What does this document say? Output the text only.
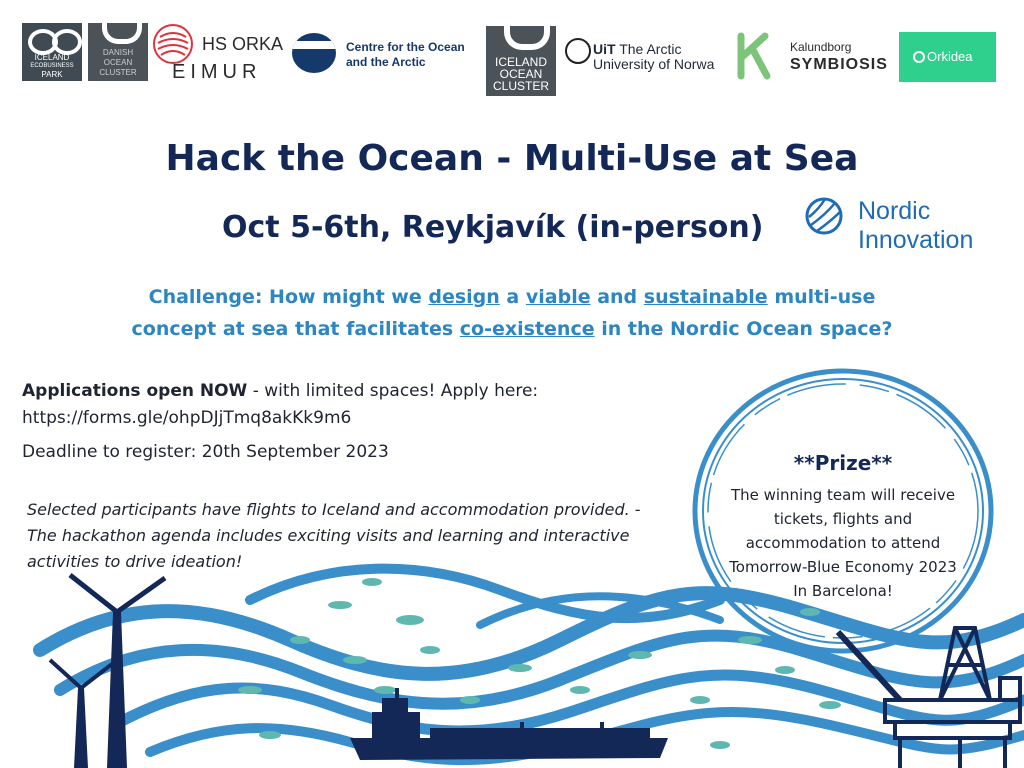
ICELAND
ECOBUSINESS
PARK
DANISH
OCEAN
CLUSTER
HS ORKA
EIMUR
Centre for the Ocean
and the Arctic	ICELAND
OCEAN
CLUSTER
UiT The Arctic
University of Norwa
Kalundborg
SYMBIOSIS	Orkidea
Hack the Ocean - Multi-Use at Sea
Oct 5-6th, Reykjavík (in-person)	Nordic
Innovation
Challenge: How might we design a viable and sustainable multi-use
concept at sea that facilitates co-existence in the Nordic Ocean space?
Applications open NOW - with limited spaces! Apply here: https://forms.gle/ohpDJjTmq8akKk9m6
Deadline to register: 20th September 2023
Selected participants have flights to Iceland and accommodation provided. - The hackathon agenda includes exciting visits and learning and interactive activities to drive ideation!
**Prize**
The winning team will receive
tickets, flights and
accommodation to attend
Tomorrow-Blue Economy 2023
In Barcelona!
